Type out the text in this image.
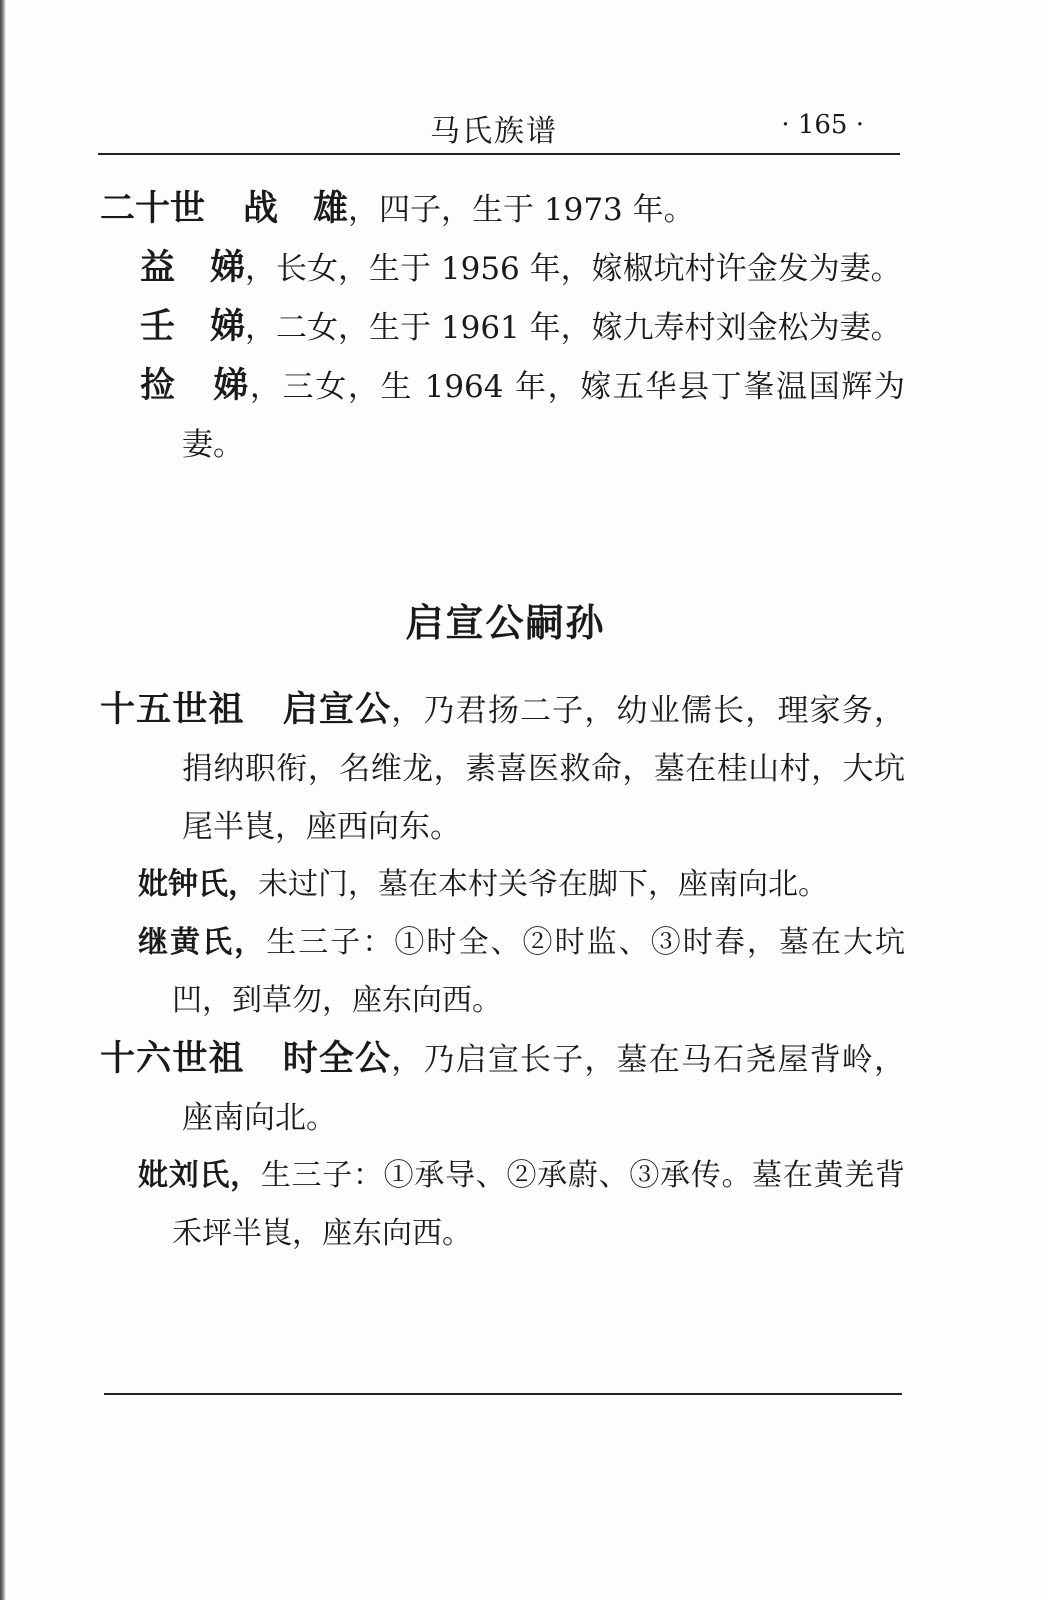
马氏族谱	· 165 ·
二十世 战　雄，四子，生于 1973 年。
益　娣，长女，生于 1956 年，嫁椒坑村许金发为妻。
壬　娣，二女，生于 1961 年，嫁九寿村刘金松为妻。
捡　娣，三女，生 1964 年，嫁五华县丁峯温国辉为妻。
启宣公嗣孙
十五世祖 启宣公，乃君扬二子，幼业儒长，理家务，捐纳职衔，名维龙，素喜医救命，墓在桂山村，大坑尾半崀，座西向东。
妣钟氏，未过门，墓在本村关爷在脚下，座南向北。
继黄氏，生三子：①时全、②时监、③时春，墓在大坑凹，到草勿，座东向西。
十六世祖 时全公，乃启宣长子，墓在马石尧屋背岭，座南向北。
妣刘氏，生三子：①承导、②承蔚、③承传。墓在黄羌背禾坪半崀，座东向西。
